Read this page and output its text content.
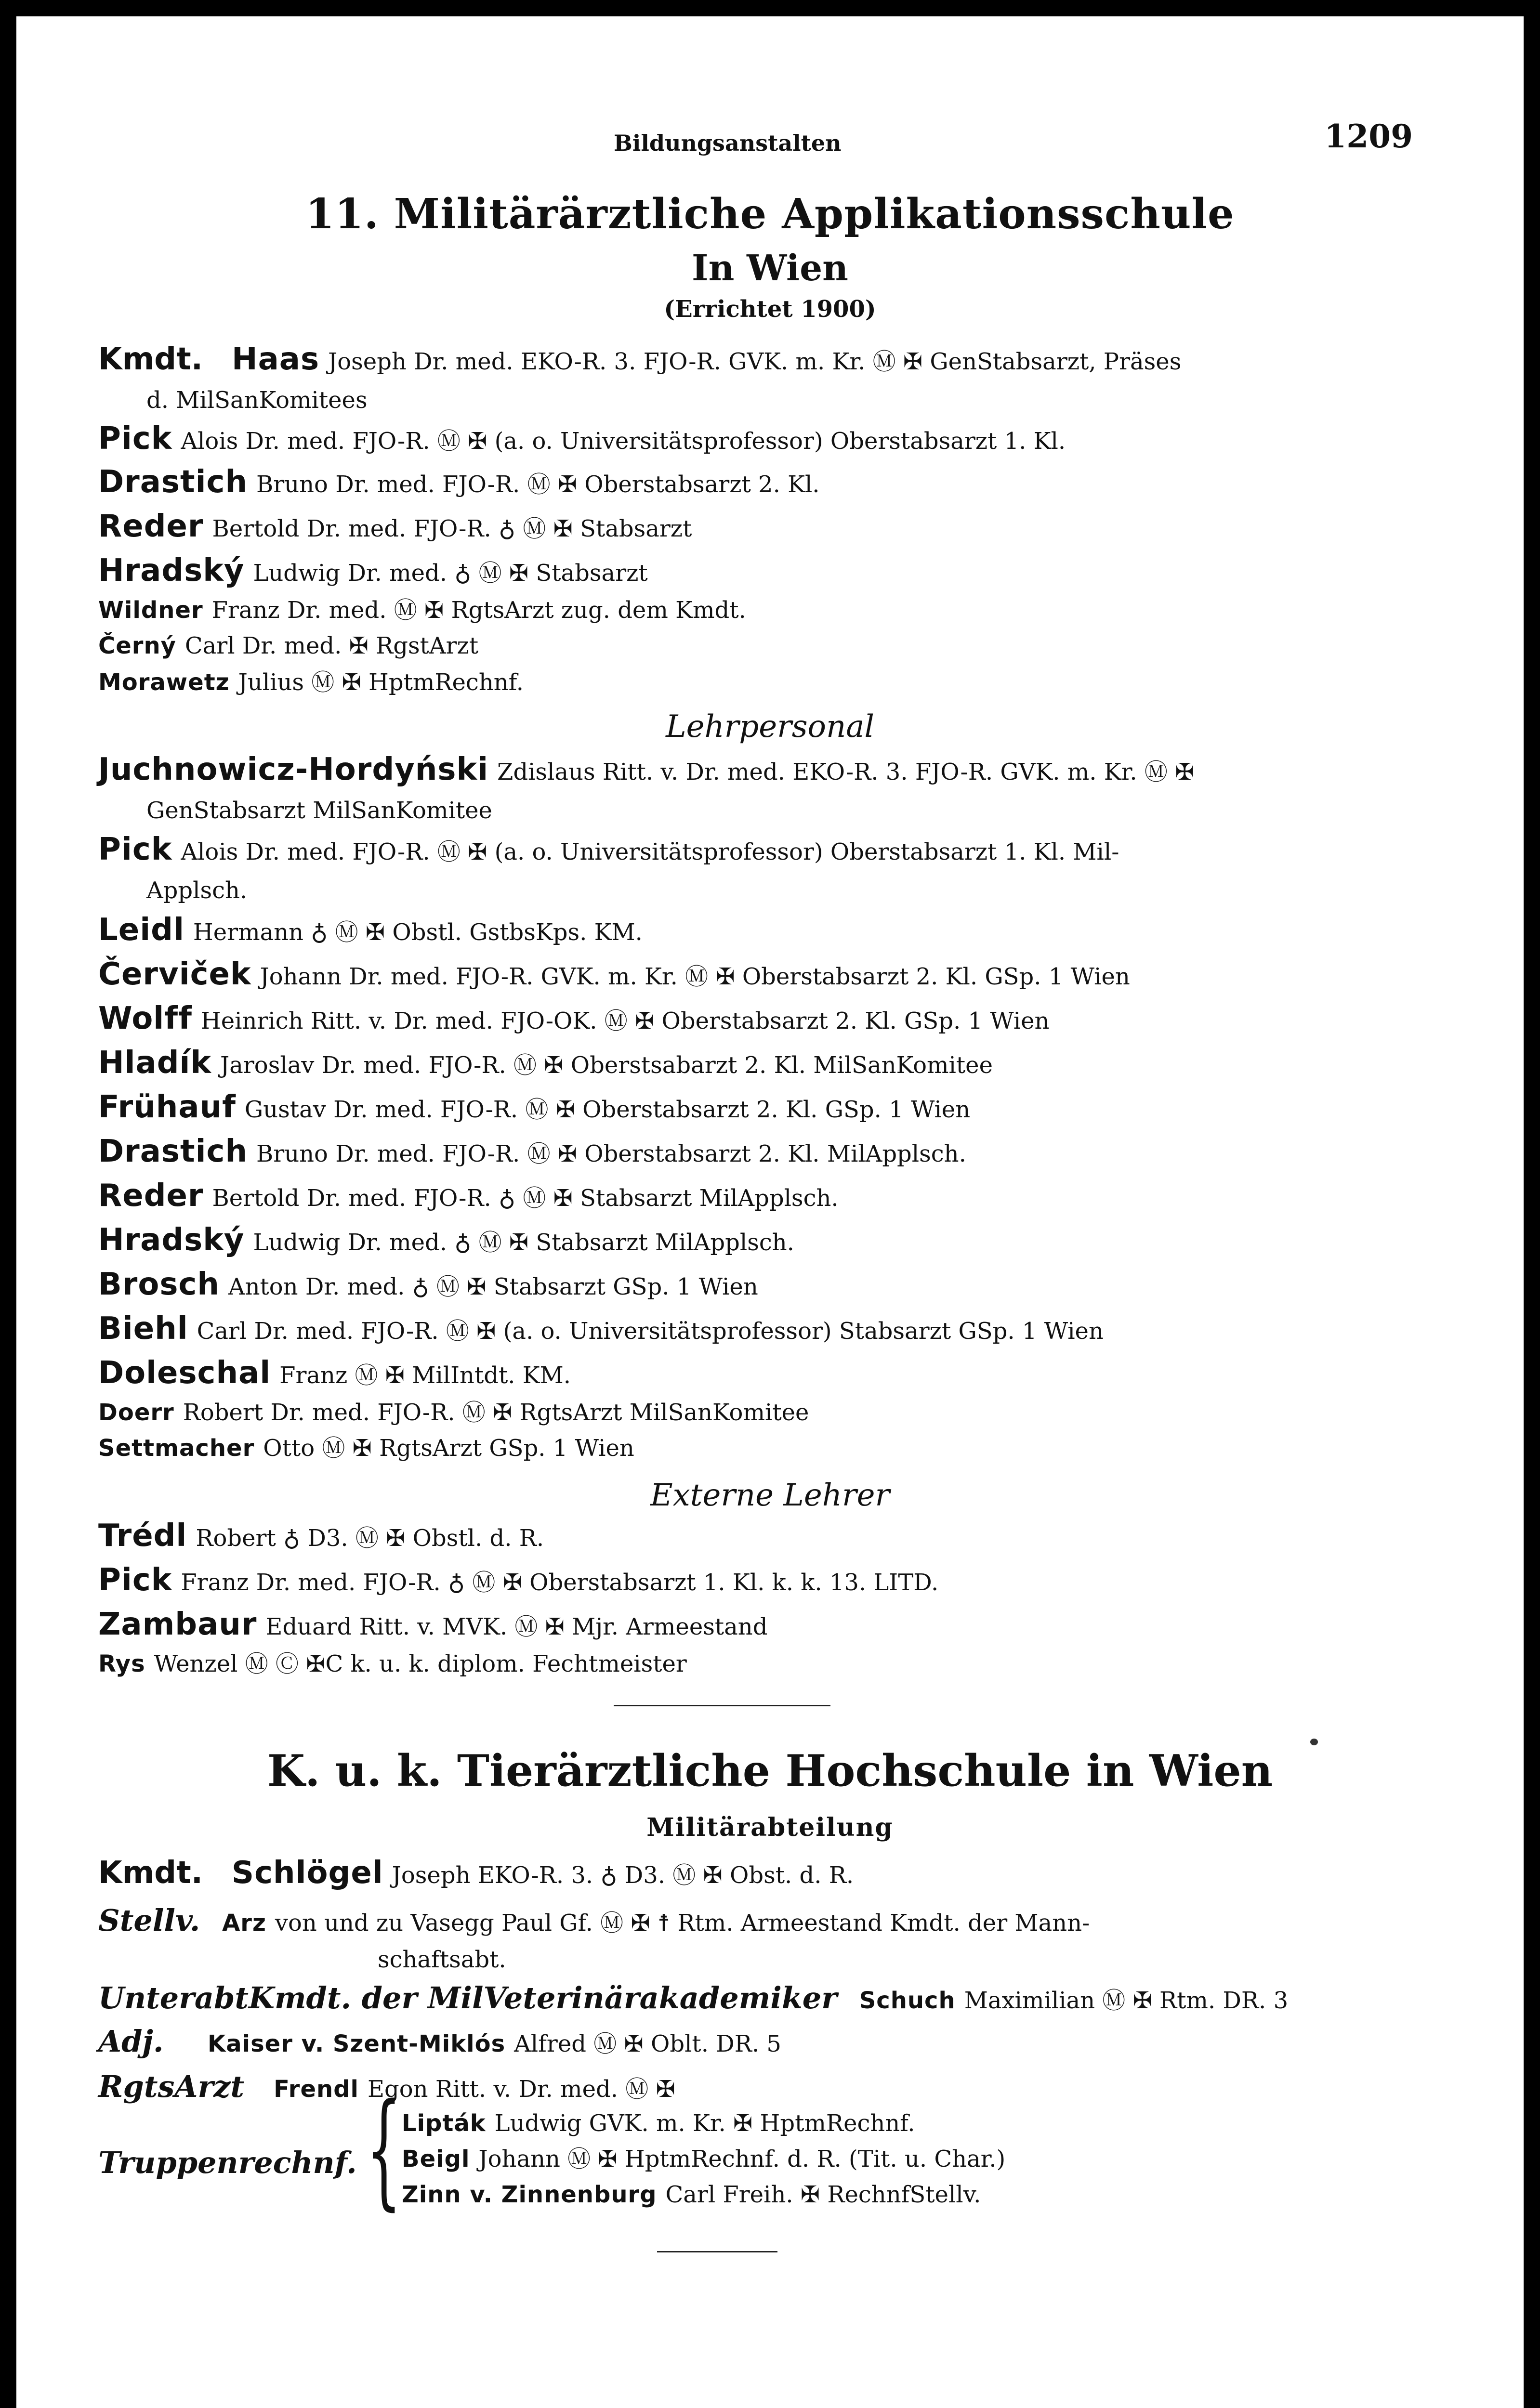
Bildungsanstalten	1209
11. Militärärztliche Applikationsschule
In Wien
(Errichtet 1900)
Kmdt. Haas Joseph Dr. med. EKO-R. 3. FJO-R. GVK. m. Kr. Ⓜ ✠ GenStabsarzt, Präses
d. MilSanKomitees
Pick Alois Dr. med. FJO-R. Ⓜ ✠ (a. o. Universitätsprofessor) Oberstabsarzt 1. Kl.
Drastich Bruno Dr. med. FJO-R. Ⓜ ✠ Oberstabsarzt 2. Kl.
Reder Bertold Dr. med. FJO-R. ♁ Ⓜ ✠ Stabsarzt
Hradský Ludwig Dr. med. ♁ Ⓜ ✠ Stabsarzt
Wildner Franz Dr. med. Ⓜ ✠ RgtsArzt zug. dem Kmdt.
Černý Carl Dr. med. ✠ RgstArzt
Morawetz Julius Ⓜ ✠ HptmRechnf.
Lehrpersonal
Juchnowicz-Hordyński Zdislaus Ritt. v. Dr. med. EKO-R. 3. FJO-R. GVK. m. Kr. Ⓜ ✠
GenStabsarzt MilSanKomitee
Pick Alois Dr. med. FJO-R. Ⓜ ✠ (a. o. Universitätsprofessor) Oberstabsarzt 1. Kl. Mil-
Applsch.
Leidl Hermann ♁ Ⓜ ✠ Obstl. GstbsKps. KM.
Červiček Johann Dr. med. FJO-R. GVK. m. Kr. Ⓜ ✠ Oberstabsarzt 2. Kl. GSp. 1 Wien
Wolff Heinrich Ritt. v. Dr. med. FJO-OK. Ⓜ ✠ Oberstabsarzt 2. Kl. GSp. 1 Wien
Hladík Jaroslav Dr. med. FJO-R. Ⓜ ✠ Oberstsabarzt 2. Kl. MilSanKomitee
Frühauf Gustav Dr. med. FJO-R. Ⓜ ✠ Oberstabsarzt 2. Kl. GSp. 1 Wien
Drastich Bruno Dr. med. FJO-R. Ⓜ ✠ Oberstabsarzt 2. Kl. MilApplsch.
Reder Bertold Dr. med. FJO-R. ♁ Ⓜ ✠ Stabsarzt MilApplsch.
Hradský Ludwig Dr. med. ♁ Ⓜ ✠ Stabsarzt MilApplsch.
Brosch Anton Dr. med. ♁ Ⓜ ✠ Stabsarzt GSp. 1 Wien
Biehl Carl Dr. med. FJO-R. Ⓜ ✠ (a. o. Universitätsprofessor) Stabsarzt GSp. 1 Wien
Doleschal Franz Ⓜ ✠ MilIntdt. KM.
Doerr Robert Dr. med. FJO-R. Ⓜ ✠ RgtsArzt MilSanKomitee
Settmacher Otto Ⓜ ✠ RgtsArzt GSp. 1 Wien
Externe Lehrer
Trédl Robert ♁ D3. Ⓜ ✠ Obstl. d. R.
Pick Franz Dr. med. FJO-R. ♁ Ⓜ ✠ Oberstabsarzt 1. Kl. k. k. 13. LITD.
Zambaur Eduard Ritt. v. MVK. Ⓜ ✠ Mjr. Armeestand
Rys Wenzel Ⓜ Ⓒ ✠C k. u. k. diplom. Fechtmeister
K. u. k. Tierärztliche Hochschule in Wien
Militärabteilung
Kmdt. Schlögel Joseph EKO-R. 3. ♁ D3. Ⓜ ✠ Obst. d. R.
Stellv. Arz von und zu Vasegg Paul Gf. Ⓜ ✠ ☨ Rtm. Armeestand Kmdt. der Mann-
schaftsabt.
UnterabtKmdt. der MilVeterinärakademiker Schuch Maximilian Ⓜ ✠ Rtm. DR. 3
Adj. Kaiser v. Szent-Miklós Alfred Ⓜ ✠ Oblt. DR. 5
RgtsArzt Frendl Egon Ritt. v. Dr. med. Ⓜ ✠
Truppenrechnf. { Lipták Ludwig GVK. m. Kr. ✠ HptmRechnf.
Beigl Johann Ⓜ ✠ HptmRechnf. d. R. (Tit. u. Char.)
Zinn v. Zinnenburg Carl Freih. ✠ RechnfStellv.
